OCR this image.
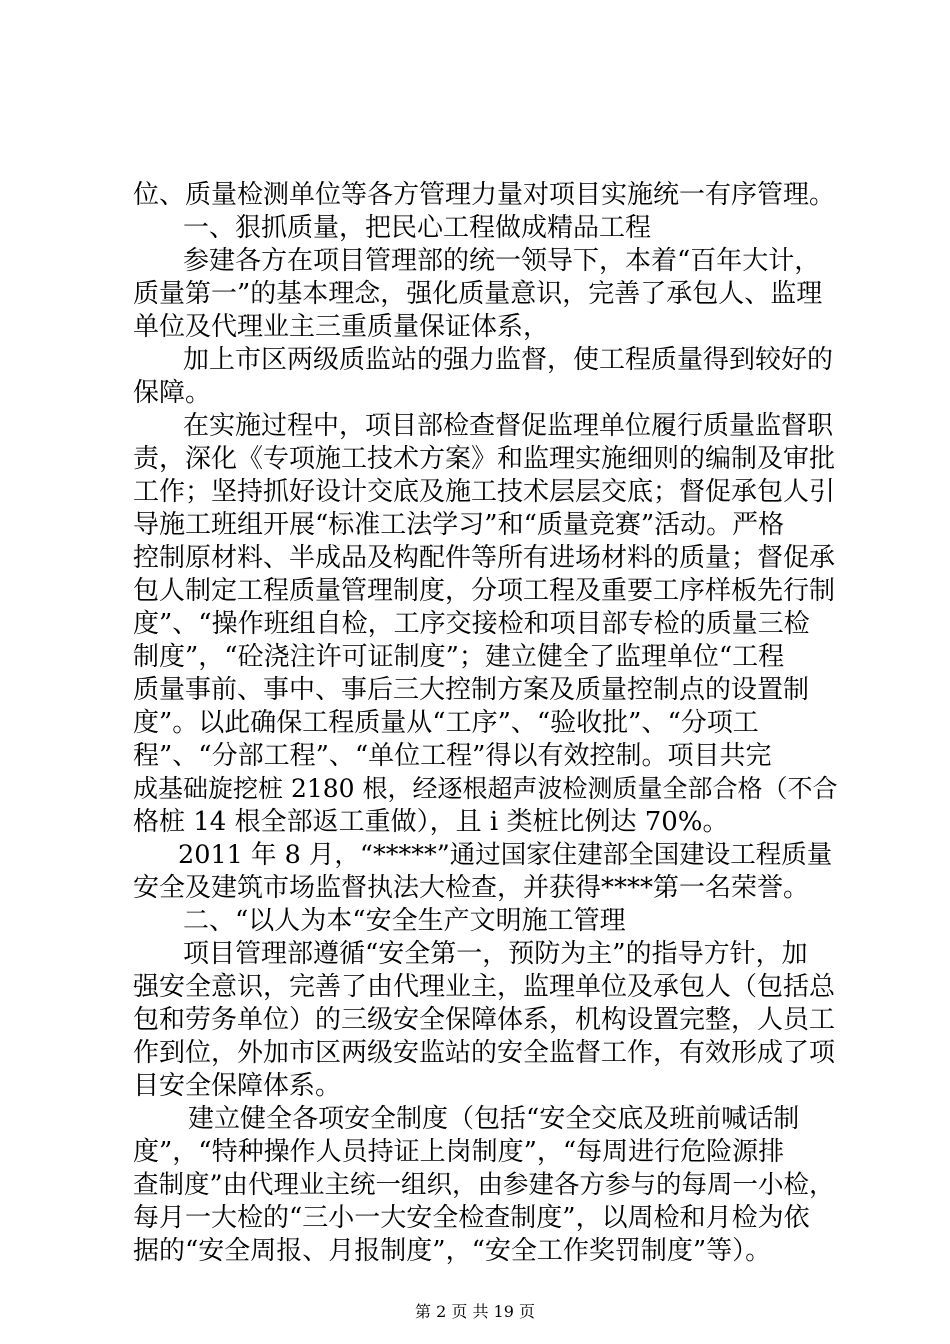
位、质量检测单位等各方管理力量对项目实施统一有序管理。
一、狠抓质量，把民心工程做成精品工程
参建各方在项目管理部的统一领导下，本着“百年大计，
质量第一”的基本理念，强化质量意识，完善了承包人、监理
单位及代理业主三重质量保证体系，
加上市区两级质监站的强力监督，使工程质量得到较好的
保障。
在实施过程中，项目部检查督促监理单位履行质量监督职
责，深化《专项施工技术方案》和监理实施细则的编制及审批
工作；坚持抓好设计交底及施工技术层层交底；督促承包人引
导施工班组开展“标准工法学习”和“质量竞赛”活动。严格
控制原材料、半成品及构配件等所有进场材料的质量；督促承
包人制定工程质量管理制度，分项工程及重要工序样板先行制
度”、“操作班组自检，工序交接检和项目部专检的质量三检
制度”，“砼浇注许可证制度”；建立健全了监理单位“工程
质量事前、事中、事后三大控制方案及质量控制点的设置制
度”。以此确保工程质量从“工序”、“验收批”、“分项工
程”、“分部工程”、“单位工程”得以有效控制。项目共完
成基础旋挖桩 2180 根，经逐根超声波检测质量全部合格（不合
格桩 14 根全部返工重做），且 i 类桩比例达 70%。
2011 年 8 月，“*****”通过国家住建部全国建设工程质量
安全及建筑市场监督执法大检查，并获得****第一名荣誉。
二、“以人为本“安全生产文明施工管理
项目管理部遵循“安全第一，预防为主”的指导方针，加
强安全意识，完善了由代理业主，监理单位及承包人（包括总
包和劳务单位）的三级安全保障体系，机构设置完整，人员工
作到位，外加市区两级安监站的安全监督工作，有效形成了项
目安全保障体系。
建立健全各项安全制度（包括“安全交底及班前喊话制
度”，“特种操作人员持证上岗制度”，“每周进行危险源排
查制度”由代理业主统一组织，由参建各方参与的每周一小检，
每月一大检的“三小一大安全检查制度”，以周检和月检为依
据的“安全周报、月报制度”，“安全工作奖罚制度”等）。
第 2 页 共 19 页
